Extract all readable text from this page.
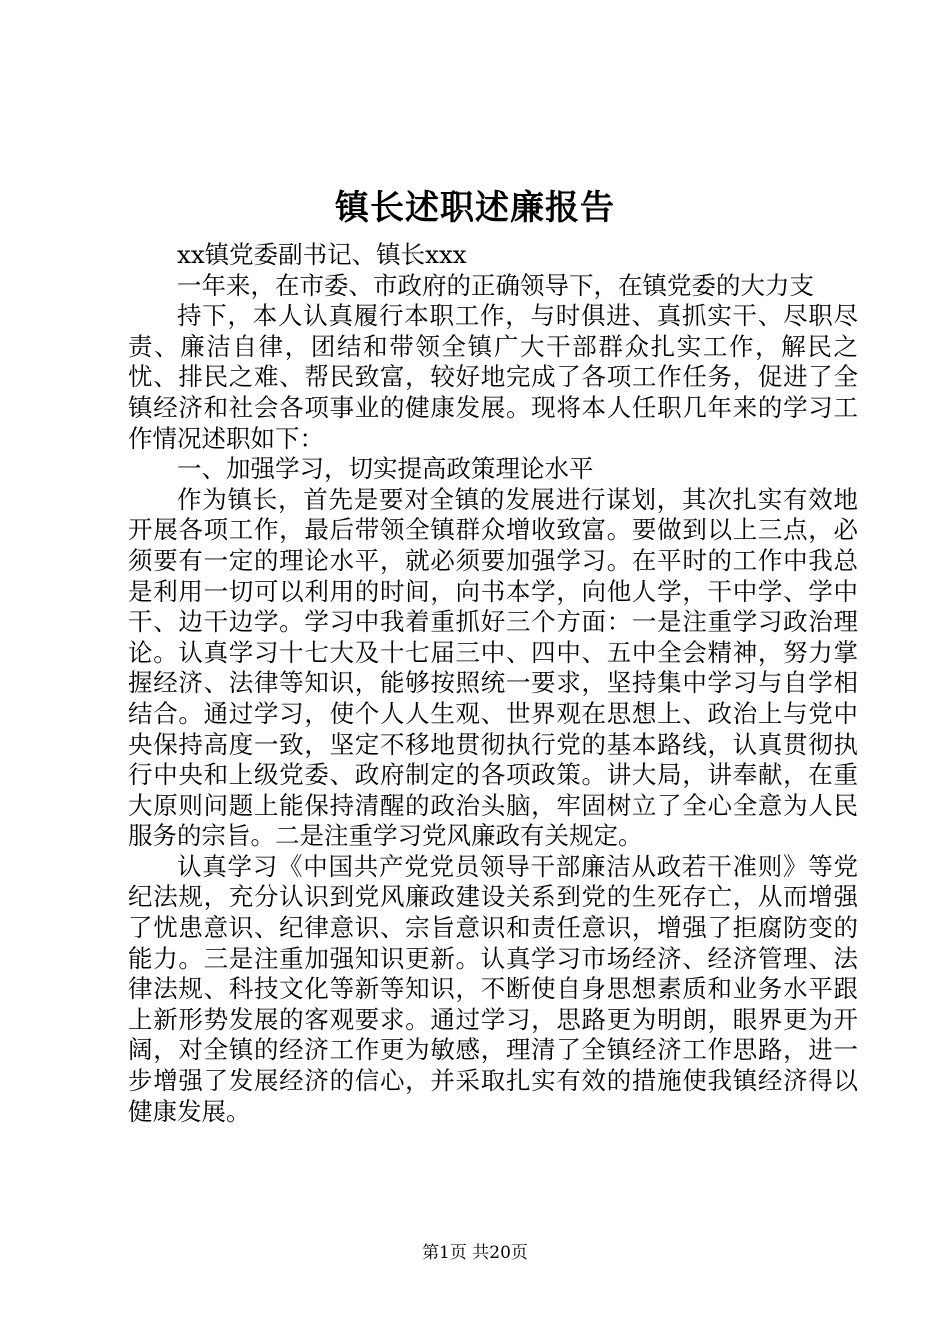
镇长述职述廉报告

xx镇党委副书记、镇长xxx

一年来，在市委、市政府的正确领导下，在镇党委的大力支

持下，本人认真履行本职工作，与时俱进、真抓实干、尽职尽责、廉洁自律，团结和带领全镇广大干部群众扎实工作，解民之忧、排民之难、帮民致富，较好地完成了各项工作任务，促进了全镇经济和社会各项事业的健康发展。现将本人任职几年来的学习工作情况述职如下：

一、加强学习，切实提高政策理论水平

作为镇长，首先是要对全镇的发展进行谋划，其次扎实有效地开展各项工作，最后带领全镇群众增收致富。要做到以上三点，必须要有一定的理论水平，就必须要加强学习。在平时的工作中我总是利用一切可以利用的时间，向书本学，向他人学，干中学、学中干、边干边学。学习中我着重抓好三个方面：一是注重学习政治理论。认真学习十七大及十七届三中、四中、五中全会精神，努力掌握经济、法律等知识，能够按照统一要求，坚持集中学习与自学相结合。通过学习，使个人人生观、世界观在思想上、政治上与党中央保持高度一致，坚定不移地贯彻执行党的基本路线，认真贯彻执行中央和上级党委、政府制定的各项政策。讲大局，讲奉献，在重大原则问题上能保持清醒的政治头脑，牢固树立了全心全意为人民服务的宗旨。二是注重学习党风廉政有关规定。

认真学习《中国共产党党员领导干部廉洁从政若干准则》等党纪法规，充分认识到党风廉政建设关系到党的生死存亡，从而增强了忧患意识、纪律意识、宗旨意识和责任意识，增强了拒腐防变的能力。三是注重加强知识更新。认真学习市场经济、经济管理、法律法规、科技文化等新等知识，不断使自身思想素质和业务水平跟上新形势发展的客观要求。通过学习，思路更为明朗，眼界更为开阔，对全镇的经济工作更为敏感，理清了全镇经济工作思路，进一步增强了发展经济的信心，并采取扎实有效的措施使我镇经济得以健康发展。

第1页 共20页
